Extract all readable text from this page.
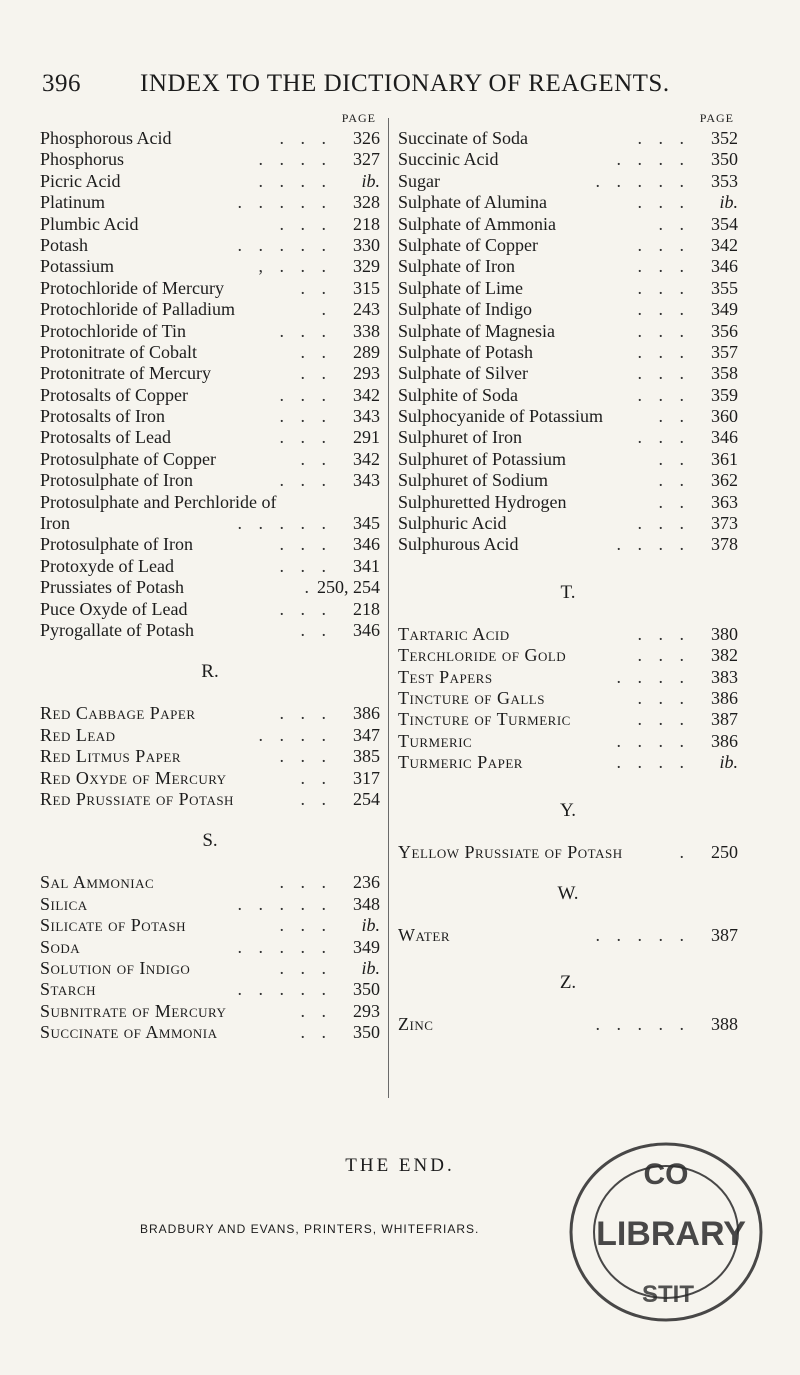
396 INDEX TO THE DICTIONARY OF REAGENTS.
PAGE
Phosphorous Acid	. . .	326
Phosphorus	. . . .	327
Picric Acid	. . . .	ib.
Platinum	. . . . .	328
Plumbic Acid	. . .	218
Potash	. . . . .	330
Potassium	, . . .	329
Protochloride of Mercury	. .	315
Protochloride of Palladium	.	243
Protochloride of Tin	. . .	338
Protonitrate of Cobalt	. .	289
Protonitrate of Mercury	. .	293
Protosalts of Copper	. . .	342
Protosalts of Iron	. . .	343
Protosalts of Lead	. . .	291
Protosulphate of Copper	. .	342
Protosulphate of Iron	. . .	343
Protosulphate and Perchloride of
Iron	. . . . .	345
Protosulphate of Iron	. . .	346
Protoxyde of Lead	. . .	341
Prussiates of Potash	. 250, 254
Puce Oxyde of Lead	. . .	218
Pyrogallate of Potash	. .	346
R.
Red Cabbage Paper	. . .	386
Red Lead	. . . .	347
Red Litmus Paper	. . .	385
Red Oxyde of Mercury	. .	317
Red Prussiate of Potash	. .	254
S.
Sal Ammoniac	. . .	236
Silica	. . . . .	348
Silicate of Potash	. . .	ib.
Soda	. . . . .	349
Solution of Indigo	. . .	ib.
Starch	. . . . .	350
Subnitrate of Mercury	. .	293
Succinate of Ammonia	. .	350
PAGE
Succinate of Soda	. . .	352
Succinic Acid	. . . .	350
Sugar	. . . . .	353
Sulphate of Alumina	. . .	ib.
Sulphate of Ammonia	. .	354
Sulphate of Copper	. . .	342
Sulphate of Iron	. . .	346
Sulphate of Lime	. . .	355
Sulphate of Indigo	. . .	349
Sulphate of Magnesia	. . .	356
Sulphate of Potash	. . .	357
Sulphate of Silver	. . .	358
Sulphite of Soda	. . .	359
Sulphocyanide of Potassium	. .	360
Sulphuret of Iron	. . .	346
Sulphuret of Potassium	. .	361
Sulphuret of Sodium	. .	362
Sulphuretted Hydrogen	. .	363
Sulphuric Acid	. . .	373
Sulphurous Acid	. . . .	378
T.
Tartaric Acid	. . .	380
Terchloride of Gold	. . .	382
Test Papers	. . . .	383
Tincture of Galls	. . .	386
Tincture of Turmeric	. . .	387
Turmeric	. . . .	386
Turmeric Paper	. . . .	ib.
Y.
Yellow Prussiate of Potash	.	250
W.
Water	. . . . .	387
Z.
Zinc	. . . . .	388
THE END.
BRADBURY AND EVANS, PRINTERS, WHITEFRIARS.
CO
LIBRARY
STIT
